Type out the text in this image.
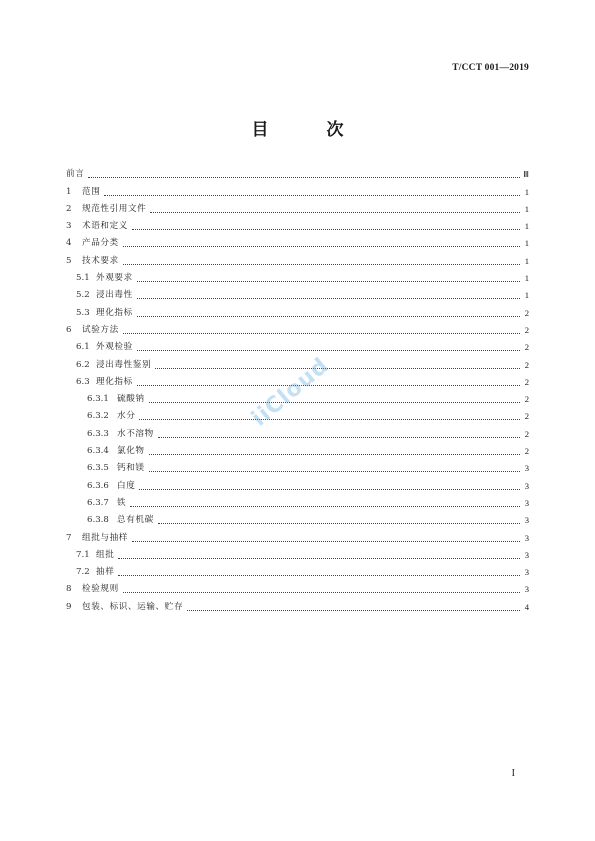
T/CCT 001—2019
目 次
前言	Ⅲ
1	范围	1
2	规范性引用文件	1
3	术语和定义	1
4	产品分类	1
5	技术要求	1
5.1 外观要求	1
5.2 浸出毒性	1
5.3 理化指标	2
6	试验方法	2
6.1 外观检验	2
6.2 浸出毒性鉴别	2
6.3 理化指标	2
6.3.1 硫酸钠	2
6.3.2 水分	2
6.3.3 水不溶物	2
6.3.4 氯化物	2
6.3.5 钙和镁	3
6.3.6 白度	3
6.3.7 铁	3
6.3.8 总有机碳	3
7	组批与抽样	3
7.1 组批	3
7.2 抽样	3
8	检验规则	3
9	包装、标识、运输、贮存	4
iiCloud
I
